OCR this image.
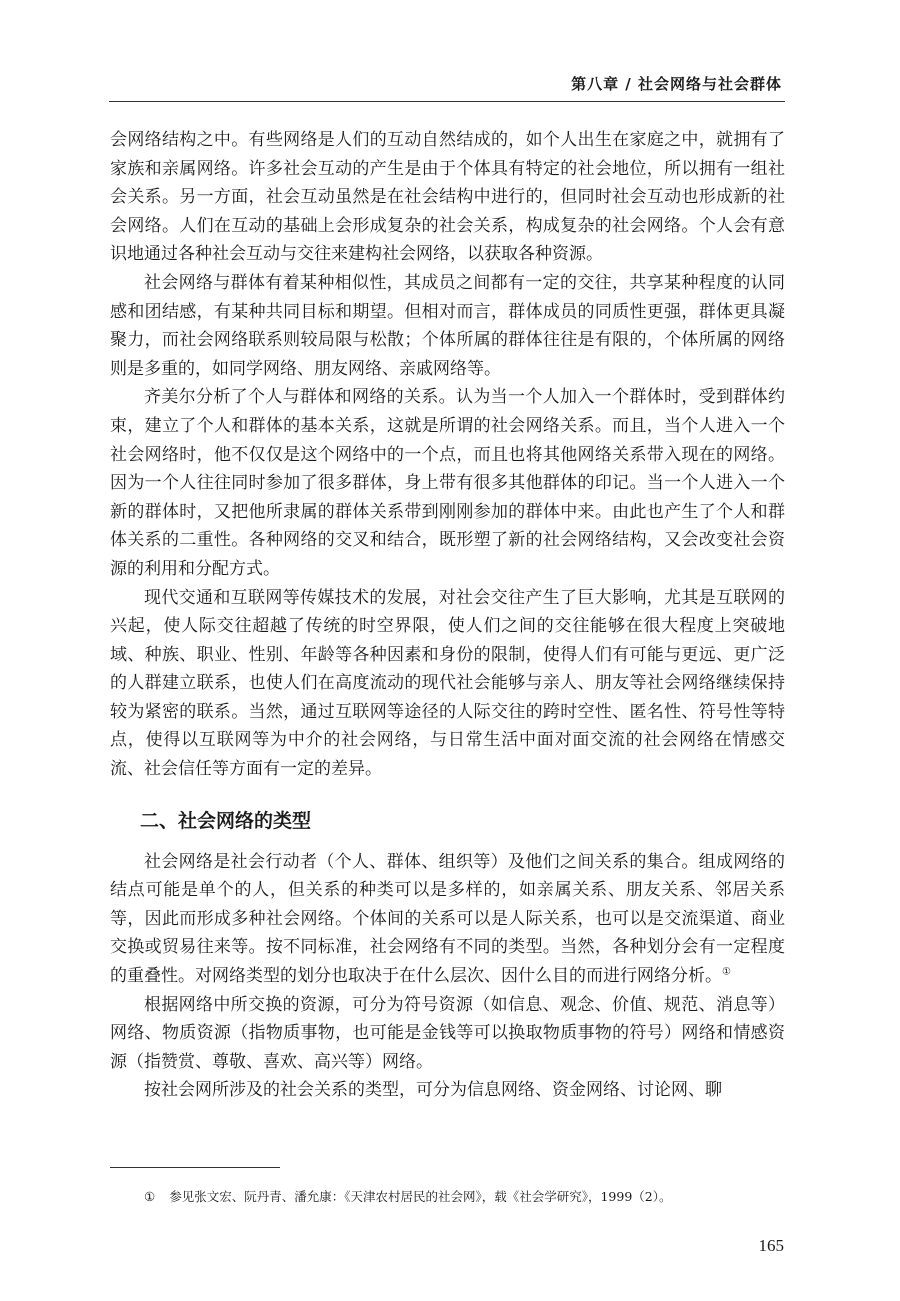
第八章 / 社会网络与社会群体

会网络结构之中。有些网络是人们的互动自然结成的，如个人出生在家庭之中，就拥有了家族和亲属网络。许多社会互动的产生是由于个体具有特定的社会地位，所以拥有一组社会关系。另一方面，社会互动虽然是在社会结构中进行的，但同时社会互动也形成新的社会网络。人们在互动的基础上会形成复杂的社会关系，构成复杂的社会网络。个人会有意识地通过各种社会互动与交往来建构社会网络，以获取各种资源。

社会网络与群体有着某种相似性，其成员之间都有一定的交往，共享某种程度的认同感和团结感，有某种共同目标和期望。但相对而言，群体成员的同质性更强，群体更具凝聚力，而社会网络联系则较局限与松散；个体所属的群体往往是有限的，个体所属的网络则是多重的，如同学网络、朋友网络、亲戚网络等。

齐美尔分析了个人与群体和网络的关系。认为当一个人加入一个群体时，受到群体约束，建立了个人和群体的基本关系，这就是所谓的社会网络关系。而且，当个人进入一个社会网络时，他不仅仅是这个网络中的一个点，而且也将其他网络关系带入现在的网络。因为一个人往往同时参加了很多群体，身上带有很多其他群体的印记。当一个人进入一个新的群体时，又把他所隶属的群体关系带到刚刚参加的群体中来。由此也产生了个人和群体关系的二重性。各种网络的交叉和结合，既形塑了新的社会网络结构，又会改变社会资源的利用和分配方式。

现代交通和互联网等传媒技术的发展，对社会交往产生了巨大影响，尤其是互联网的兴起，使人际交往超越了传统的时空界限，使人们之间的交往能够在很大程度上突破地域、种族、职业、性别、年龄等各种因素和身份的限制，使得人们有可能与更远、更广泛的人群建立联系，也使人们在高度流动的现代社会能够与亲人、朋友等社会网络继续保持较为紧密的联系。当然，通过互联网等途径的人际交往的跨时空性、匿名性、符号性等特点，使得以互联网等为中介的社会网络，与日常生活中面对面交流的社会网络在情感交流、社会信任等方面有一定的差异。

二、社会网络的类型

社会网络是社会行动者（个人、群体、组织等）及他们之间关系的集合。组成网络的结点可能是单个的人，但关系的种类可以是多样的，如亲属关系、朋友关系、邻居关系等，因此而形成多种社会网络。个体间的关系可以是人际关系，也可以是交流渠道、商业交换或贸易往来等。按不同标准，社会网络有不同的类型。当然，各种划分会有一定程度的重叠性。对网络类型的划分也取决于在什么层次、因什么目的而进行网络分析。①

根据网络中所交换的资源，可分为符号资源（如信息、观念、价值、规范、消息等）网络、物质资源（指物质事物，也可能是金钱等可以换取物质事物的符号）网络和情感资源（指赞赏、尊敬、喜欢、高兴等）网络。

按社会网所涉及的社会关系的类型，可分为信息网络、资金网络、讨论网、聊

① 参见张文宏、阮丹青、潘允康：《天津农村居民的社会网》，载《社会学研究》，1999（2）。
165
